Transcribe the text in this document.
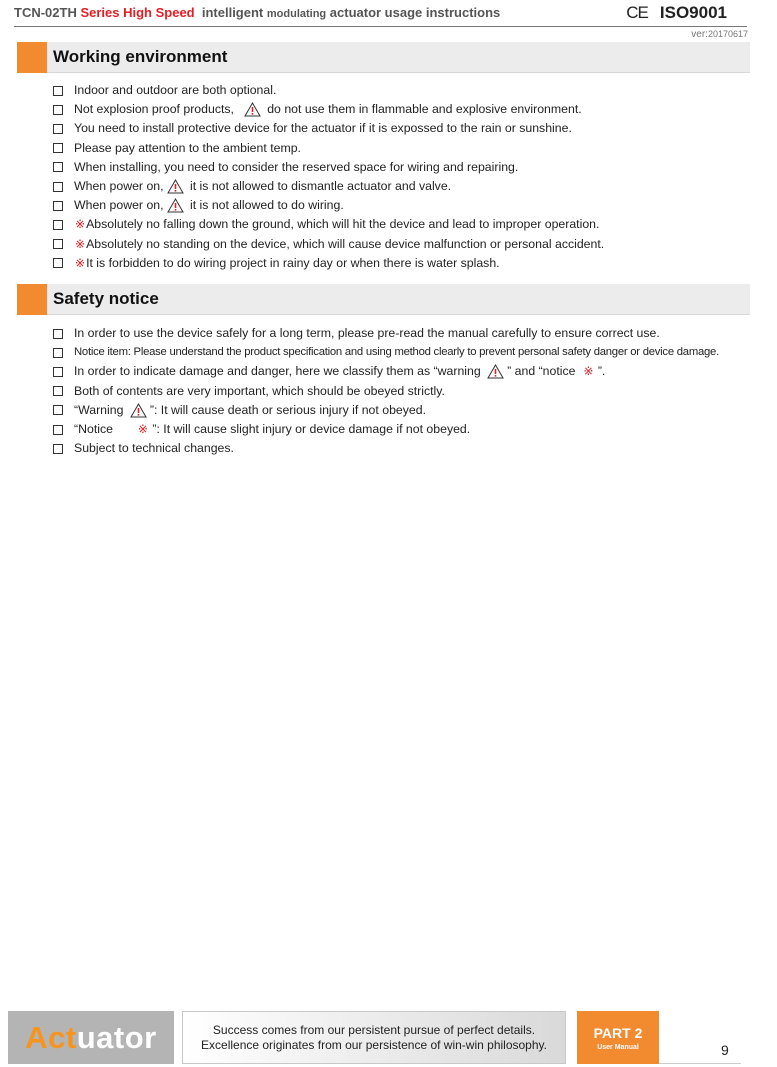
TCN-02TH Series High Speed intelligent modulating actuator usage instructions	CE ISO9001
ver:20170617
Working environment
Indoor and outdoor are both optional.
Not explosion proof products,

	do not use them in flammable and explosive environment.
You need to install protective device for the actuator if it is expossed to the rain or sunshine.
Please pay attention to the ambient temp.
When installing, you need to consider the reserved space for wiring and repairing.
When power on,
it is not allowed to dismantle actuator and valve.
When power on,
it is not allowed to do wiring.
※ Absolutely no falling down the ground, which will hit the device and lead to improper operation.
※ Absolutely no standing on the device, which will cause device malfunction or personal accident.
※ It is forbidden to do wiring project in rainy day or when there is water splash.
Safety notice
In order to use the device safely for a long term, please pre-read the manual carefully to ensure correct use.
Notice item: Please understand the product specification and using method clearly to prevent personal safety danger or device damage.
In order to indicate damage and danger, here we classify them as “warning
” and “notice
※
”.
Both of contents are very important, which should be obeyed strictly.
“Warning
”: It will cause death or serious injury if not obeyed.
“Notice
※
”: It will cause slight injury or device damage if not obeyed.
Subject to technical changes.
Act uator	Success comes from our persistent pursue of perfect details.
Excellence originates from our persistence of win-win philosophy.
PART 2
User Manual	9
